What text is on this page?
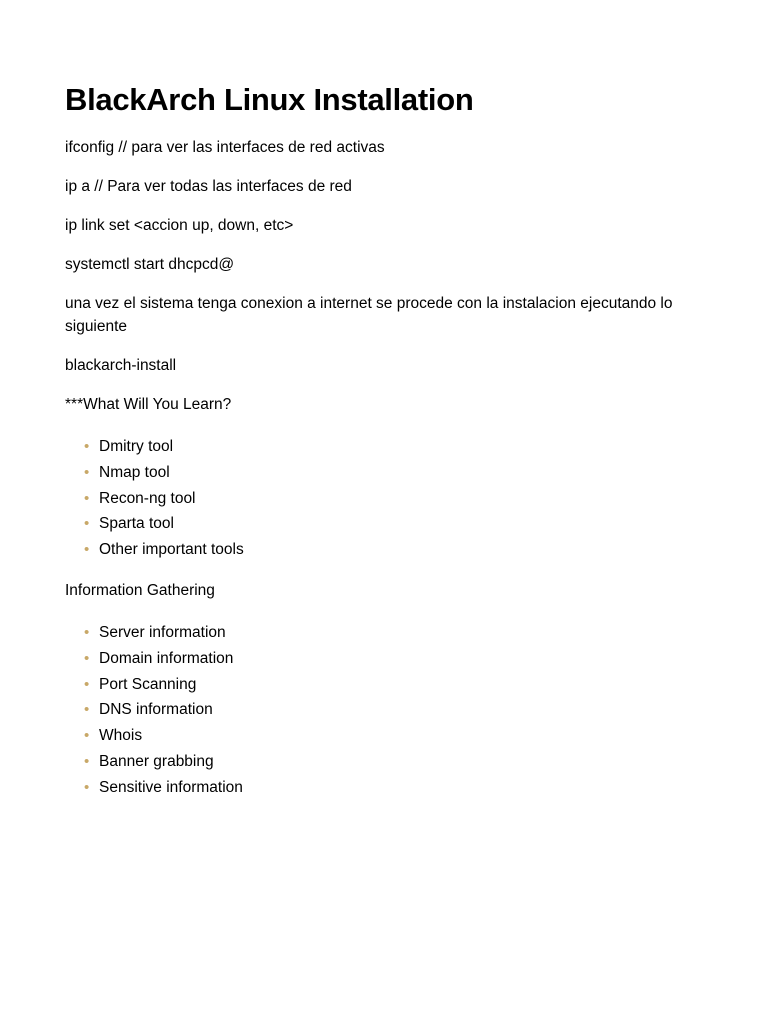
BlackArch Linux Installation

ifconfig // para ver las interfaces de red activas

ip a // Para ver todas las interfaces de red

ip link set <accion up, down, etc>

systemctl start dhcpcd@

una vez el sistema tenga conexion a internet se procede con la instalacion ejecutando lo siguiente

blackarch-install

***What Will You Learn?

• Dmitry tool
• Nmap tool
• Recon-ng tool
• Sparta tool
• Other important tools

Information Gathering

• Server information
• Domain information
• Port Scanning
• DNS information
• Whois
• Banner grabbing
• Sensitive information
